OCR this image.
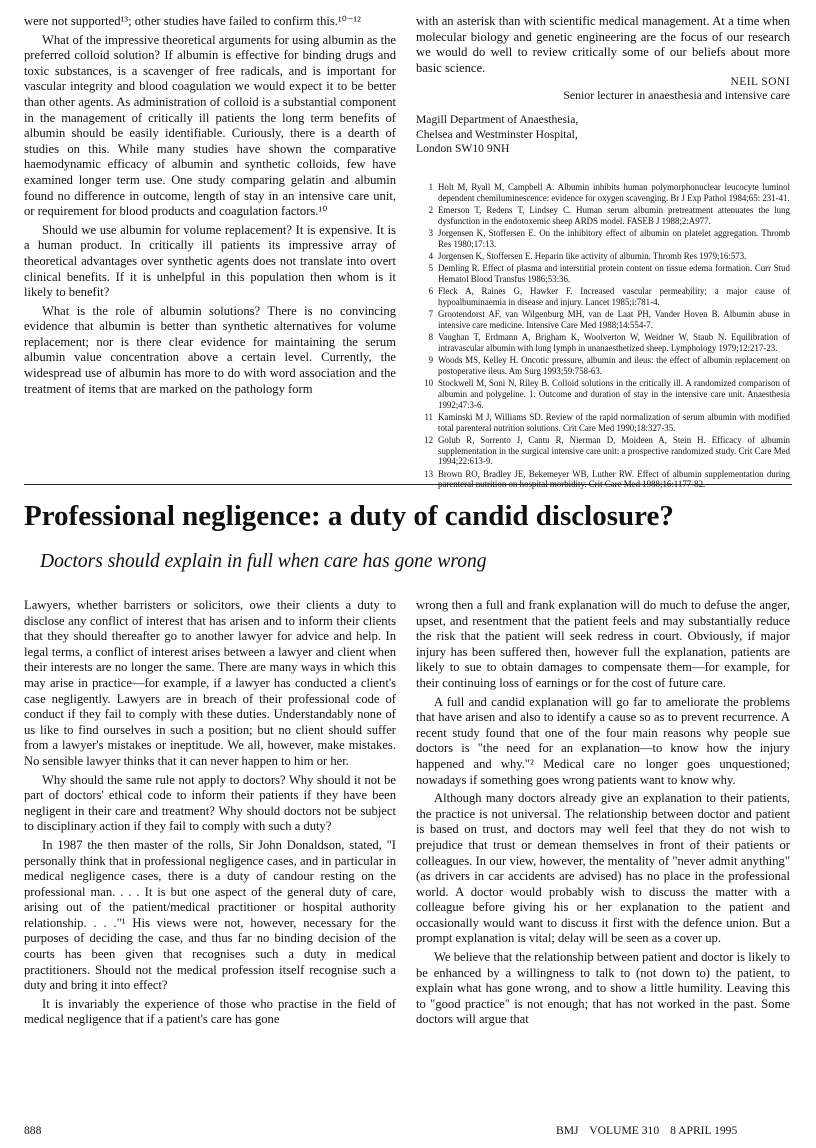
were not supported¹³; other studies have failed to confirm this.¹⁰⁻¹²

What of the impressive theoretical arguments for using albumin as the preferred colloid solution? If albumin is effective for binding drugs and toxic substances, is a scavenger of free radicals, and is important for vascular integrity and blood coagulation we would expect it to be better than other agents. As administration of colloid is a substantial component in the management of critically ill patients the long term benefits of albumin should be easily identifiable. Curiously, there is a dearth of studies on this. While many studies have shown the comparative haemodynamic efficacy of albumin and synthetic colloids, few have examined longer term use. One study comparing gelatin and albumin found no difference in outcome, length of stay in an intensive care unit, or requirement for blood products and coagulation factors.¹⁰

Should we use albumin for volume replacement? It is expensive. It is a human product. In critically ill patients its impressive array of theoretical advantages over synthetic agents does not translate into overt clinical benefits. If it is unhelpful in this population then whom is it likely to benefit?

What is the role of albumin solutions? There is no convincing evidence that albumin is better than synthetic alternatives for volume replacement; nor is there clear evidence for maintaining the serum albumin value concentration above a certain level. Currently, the widespread use of albumin has more to do with word association and the treatment of items that are marked on the pathology form

with an asterisk than with scientific medical management. At a time when molecular biology and genetic engineering are the focus of our research we would do well to review critically some of our beliefs about more basic science.

NEIL SONI

Senior lecturer in anaesthesia and intensive care

Magill Department of Anaesthesia,
Chelsea and Westminster Hospital,
London SW10 9NH
1 Holt M, Ryall M, Campbell A. Albumin inhibits human polymorphonuclear leucocyte luminol dependent chemiluminescence: evidence for oxygen scavenging. Br J Exp Pathol 1984;65: 231-41.
2 Emerson T, Redens T, Lindsey C. Human serum albumin pretreatment attenuates the lung dysfunction in the endotoxemic sheep ARDS model. FASEB J 1988;2:A977.
3 Jorgensen K, Stoffersen E. On the inhibitory effect of albumin on platelet aggregation. Thromb Res 1980;17:13.
4 Jorgensen K, Stoffersen E. Heparin like activity of albumin. Thromb Res 1979;16:573.
5 Demling R. Effect of plasma and interstitial protein content on tissue edema formation. Curr Stud Hematol Blood Transfus 1986;53:36.
6 Fleck A, Raines G, Hawker F. Increased vascular permeability; a major cause of hypoalbuminaemia in disease and injury. Lancet 1985;i:781-4.
7 Grootendorst AF, van Wilgenburg MH, van de Laat PH, Vander Hoven B. Albumin abuse in intensive care medicine. Intensive Care Med 1988;14:554-7.
8 Vaughan T, Erdmann A, Brigham K, Woolverton W, Weidner W, Staub N. Equilibration of intravascular albumin with lung lymph in unanaesthetized sheep. Lymphology 1979;12:217-23.
9 Woods MS, Kelley H. Oncotic pressure, albumin and ileus: the effect of albumin replacement on postoperative ileus. Am Surg 1993;59:758-63.
10 Stockwell M, Soni N, Riley B. Colloid solutions in the critically ill. A randomized comparison of albumin and polygeline. 1. Outcome and duration of stay in the intensive care unit. Anaesthesia 1992;47:3-6.
11 Kaminski M J, Williams SD. Review of the rapid normalization of serum albumin with modified total parenteral nutrition solutions. Crit Care Med 1990;18:327-35.
12 Golub R, Sorrento J, Cantu R, Nierman D, Moideen A, Stein H. Efficacy of albumin supplementation in the surgical intensive care unit: a prospective randomized study. Crit Care Med 1994;22:613-9.
13 Brown RO, Bradley JE, Bekemeyer WB, Luther RW. Effect of albumin supplementation during parenteral nutrition on hospital morbidity. Crit Care Med 1988;16:1177-82.
Professional negligence: a duty of candid disclosure?

Doctors should explain in full when care has gone wrong

Lawyers, whether barristers or solicitors, owe their clients a duty to disclose any conflict of interest that has arisen and to inform their clients that they should thereafter go to another lawyer for advice and help. In legal terms, a conflict of interest arises between a lawyer and client when their interests are no longer the same. There are many ways in which this may arise in practice—for example, if a lawyer has conducted a client's case negligently. Lawyers are in breach of their professional code of conduct if they fail to comply with these duties. Understandably none of us like to find ourselves in such a position; but no client should suffer from a lawyer's mistakes or ineptitude. We all, however, make mistakes. No sensible lawyer thinks that it can never happen to him or her.

Why should the same rule not apply to doctors? Why should it not be part of doctors' ethical code to inform their patients if they have been negligent in their care and treatment? Why should doctors not be subject to disciplinary action if they fail to comply with such a duty?

In 1987 the then master of the rolls, Sir John Donaldson, stated, "I personally think that in professional negligence cases, and in particular in medical negligence cases, there is a duty of candour resting on the professional man. . . . It is but one aspect of the general duty of care, arising out of the patient/medical practitioner or hospital authority relationship. . . ."¹ His views were not, however, necessary for the purposes of deciding the case, and thus far no binding decision of the courts has been given that recognises such a duty in medical practitioners. Should not the medical profession itself recognise such a duty and bring it into effect?

It is invariably the experience of those who practise in the field of medical negligence that if a patient's care has gone

wrong then a full and frank explanation will do much to defuse the anger, upset, and resentment that the patient feels and may substantially reduce the risk that the patient will seek redress in court. Obviously, if major injury has been suffered then, however full the explanation, patients are likely to sue to obtain damages to compensate them—for example, for their continuing loss of earnings or for the cost of future care.

A full and candid explanation will go far to ameliorate the problems that have arisen and also to identify a cause so as to prevent recurrence. A recent study found that one of the four main reasons why people sue doctors is "the need for an explanation—to know how the injury happened and why."² Medical care no longer goes unquestioned; nowadays if something goes wrong patients want to know why.

Although many doctors already give an explanation to their patients, the practice is not universal. The relationship between doctor and patient is based on trust, and doctors may well feel that they do not wish to prejudice that trust or demean themselves in front of their patients or colleagues. In our view, however, the mentality of "never admit anything" (as drivers in car accidents are advised) has no place in the professional world. A doctor would probably wish to discuss the matter with a colleague before giving his or her explanation to the patient and occasionally would want to discuss it first with the defence union. But a prompt explanation is vital; delay will be seen as a cover up.

We believe that the relationship between patient and doctor is likely to be enhanced by a willingness to talk to (not down to) the patient, to explain what has gone wrong, and to show a little humility. Leaving this to "good practice" is not enough; that has not worked in the past. Some doctors will argue that

888	BMJ VOLUME 310 8 APRIL 1995
